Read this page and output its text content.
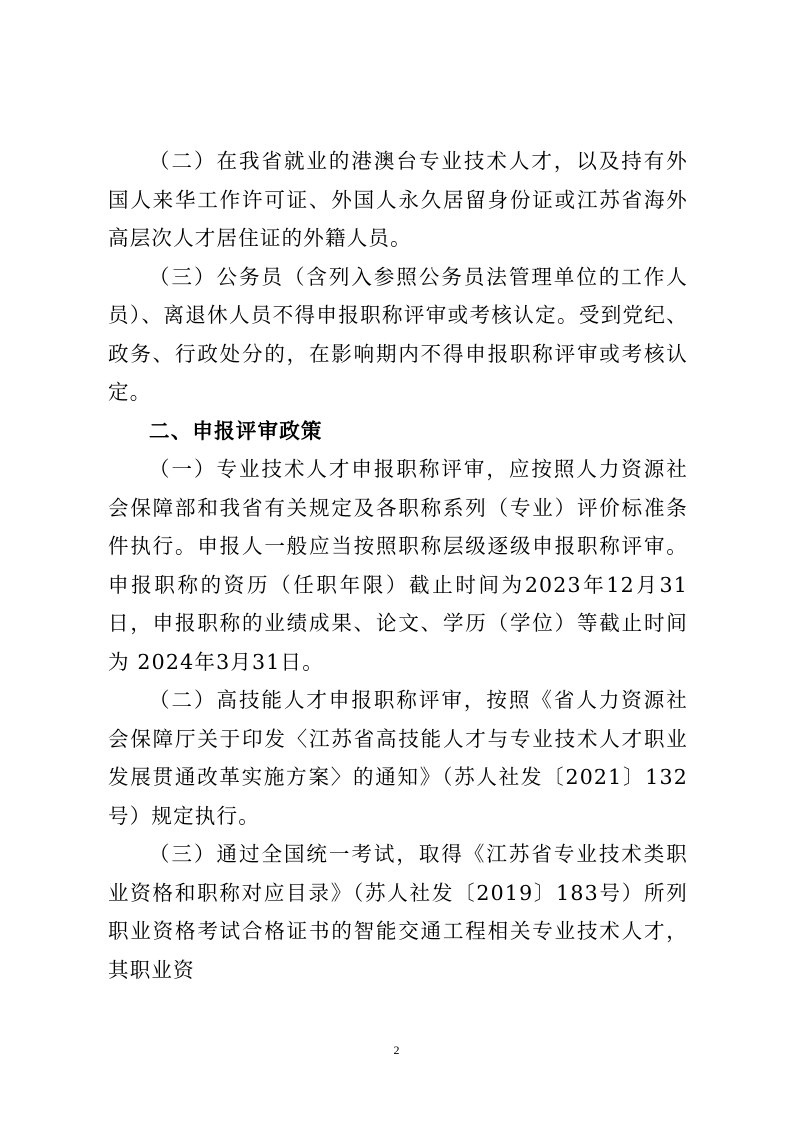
（二）在我省就业的港澳台专业技术人才，以及持有外国人来华工作许可证、外国人永久居留身份证或江苏省海外高层次人才居住证的外籍人员。

（三）公务员（含列入参照公务员法管理单位的工作人员）、离退休人员不得申报职称评审或考核认定。受到党纪、政务、行政处分的，在影响期内不得申报职称评审或考核认定。

二、申报评审政策

（一）专业技术人才申报职称评审，应按照人力资源社会保障部和我省有关规定及各职称系列（专业）评价标准条件执行。申报人一般应当按照职称层级逐级申报职称评审。申报职称的资历（任职年限）截止时间为2023年12月31日，申报职称的业绩成果、论文、学历（学位）等截止时间为 2024年3月31日。

（二）高技能人才申报职称评审，按照《省人力资源社会保障厅关于印发〈江苏省高技能人才与专业技术人才职业发展贯通改革实施方案〉的通知》（苏人社发〔2021〕132 号）规定执行。

（三）通过全国统一考试，取得《江苏省专业技术类职业资格和职称对应目录》（苏人社发〔2019〕183号）所列职业资格考试合格证书的智能交通工程相关专业技术人才，其职业资

2
